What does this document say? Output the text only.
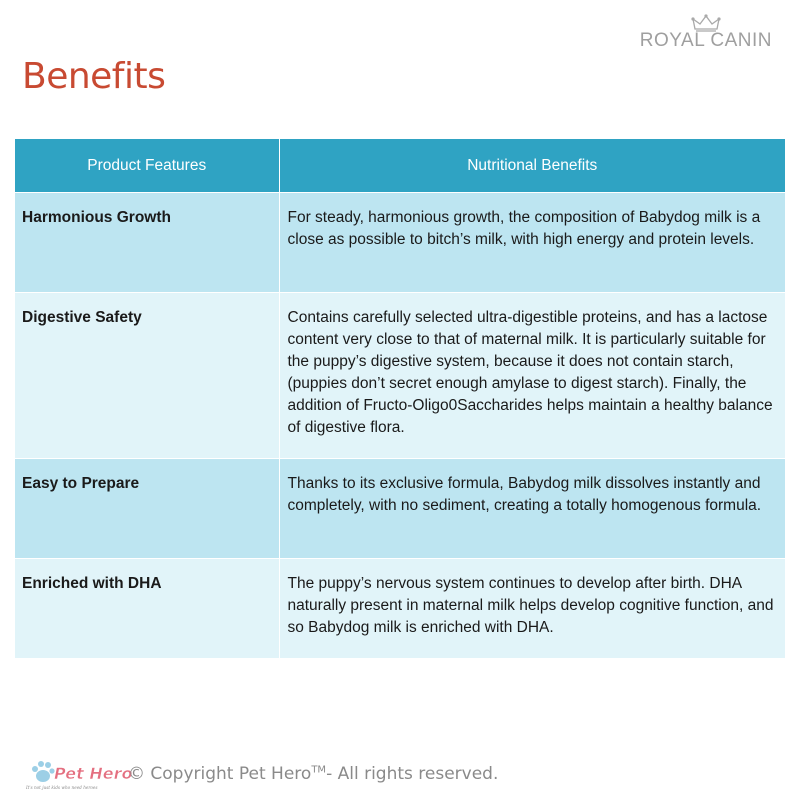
ROYAL CANIN
Benefits
Product Features	Nutritional Benefits
Harmonious Growth	For steady, harmonious growth, the composition of Babydog milk is a close as possible to bitch’s milk, with high energy and protein levels.
Digestive Safety	Contains carefully selected ultra-digestible proteins, and has a lactose content very close to that of maternal milk. It is particularly suitable for the puppy’s digestive system, because it does not contain starch, (puppies don’t secret enough amylase to digest starch). Finally, the addition of Fructo-Oligo0Saccharides helps maintain a healthy balance of digestive flora.
Easy to Prepare	Thanks to its exclusive formula, Babydog milk dissolves instantly and completely, with no sediment, creating a totally homogenous formula.
Enriched with DHA	The puppy’s nervous system continues to develop after birth. DHA naturally present in maternal milk helps develop cognitive function, and so Babydog milk is enriched with DHA.
Pet Hero
It's not just kids who need heroes
© Copyright Pet Hero™- All rights reserved.
